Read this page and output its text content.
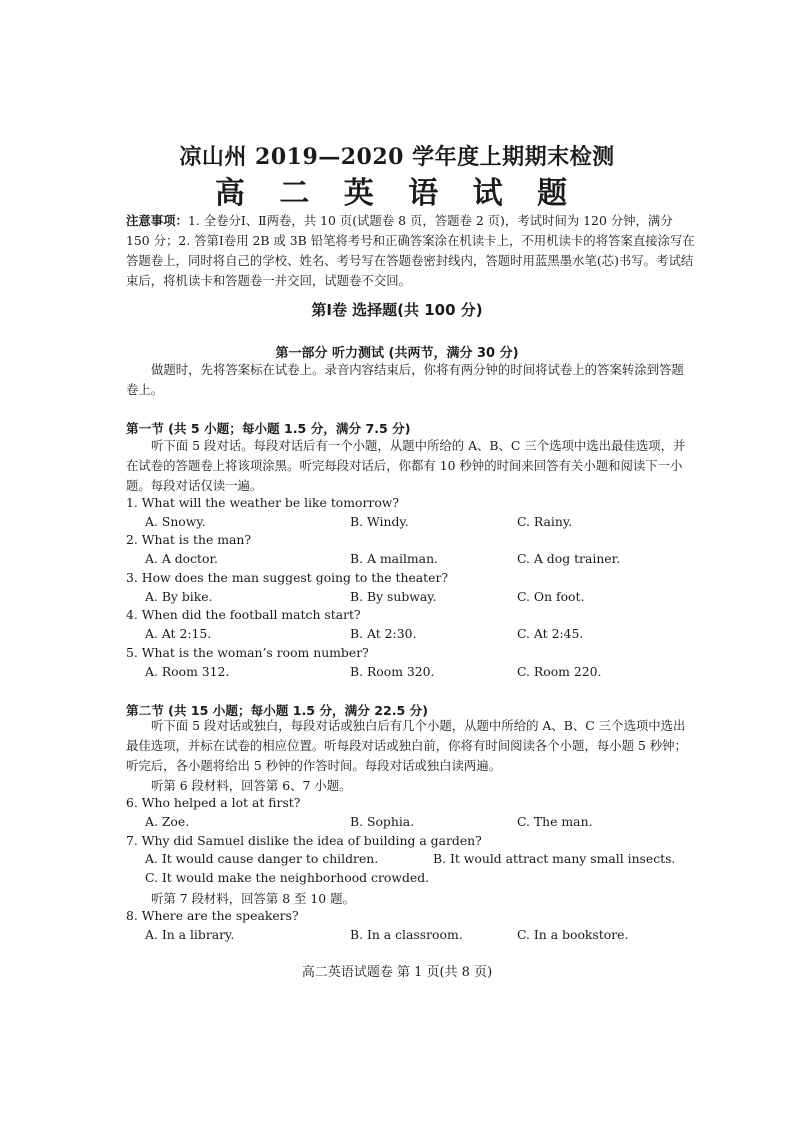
凉山州 2019—2020 学年度上期期末检测
高 二 英 语 试 题
注意事项：1. 全卷分Ⅰ、Ⅱ两卷，共 10 页(试题卷 8 页，答题卷 2 页)，考试时间为 120 分钟，满分 150 分；2. 答第Ⅰ卷用 2B 或 3B 铅笔将考号和正确答案涂在机读卡上，不用机读卡的将答案直接涂写在答题卷上，同时将自己的学校、姓名、考号写在答题卷密封线内，答题时用蓝黑墨水笔(芯)书写。考试结束后，将机读卡和答题卷一并交回，试题卷不交回。
第Ⅰ卷 选择题(共 100 分)
第一部分 听力测试 (共两节，满分 30 分)
做题时，先将答案标在试卷上。录音内容结束后，你将有两分钟的时间将试卷上的答案转涂到答题卷上。
第一节 (共 5 小题；每小题 1.5 分，满分 7.5 分)
听下面 5 段对话。每段对话后有一个小题，从题中所给的 A、B、C 三个选项中选出最佳选项，并在试卷的答题卷上将该项涂黑。听完每段对话后，你都有 10 秒钟的时间来回答有关小题和阅读下一小题。每段对话仅读一遍。
1. What will the weather be like tomorrow?
A. Snowy.	B. Windy.	C. Rainy.
2. What is the man?
A. A doctor.	B. A mailman.	C. A dog trainer.
3. How does the man suggest going to the theater?
A. By bike.	B. By subway.	C. On foot.
4. When did the football match start?
A. At 2:15.	B. At 2:30.	C. At 2:45.
5. What is the woman’s room number?
A. Room 312.	B. Room 320.	C. Room 220.
第二节 (共 15 小题；每小题 1.5 分，满分 22.5 分)
听下面 5 段对话或独白，每段对话或独白后有几个小题，从题中所给的 A、B、C 三个选项中选出最佳选项，并标在试卷的相应位置。听每段对话或独白前，你将有时间阅读各个小题，每小题 5 秒钟；听完后，各小题将给出 5 秒钟的作答时间。每段对话或独白读两遍。
听第 6 段材料，回答第 6、7 小题。
6. Who helped a lot at first?
A. Zoe.	B. Sophia.	C. The man.
7. Why did Samuel dislike the idea of building a garden?
A. It would cause danger to children.	B. It would attract many small insects.
C. It would make the neighborhood crowded.
听第 7 段材料，回答第 8 至 10 题。
8. Where are the speakers?
A. In a library.	B. In a classroom.	C. In a bookstore.
高二英语试题卷 第 1 页(共 8 页)
